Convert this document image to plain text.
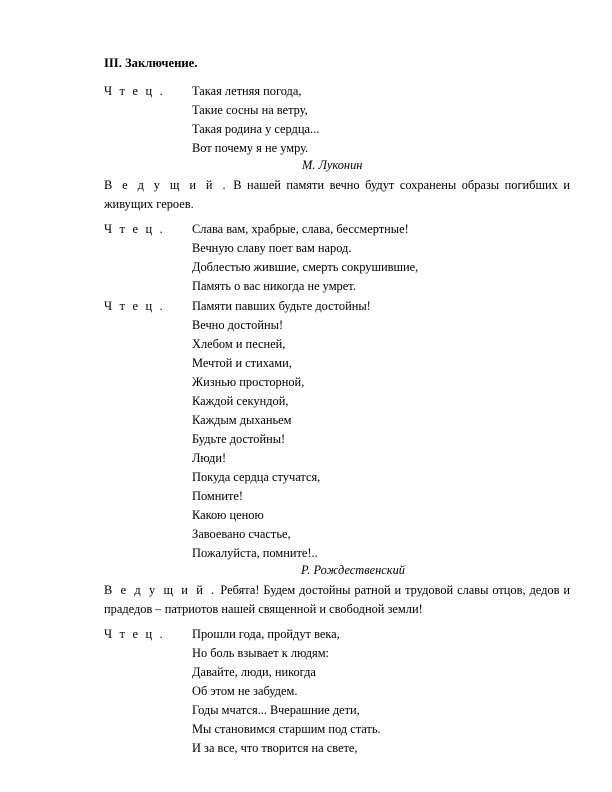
III. Заключение.
Ч т е ц . Такая летняя погода,
Такие сосны на ветру,
Такая родина у сердца...
Вот почему я не умру.
М. Луконин
В е д у щ и й . В нашей памяти вечно будут сохранены образы погибших и живущих героев.
Ч т е ц . Слава вам, храбрые, слава, бессмертные!
Вечную славу поет вам народ.
Доблестью жившие, смерть сокрушившие,
Память о вас никогда не умрет.
Ч т е ц . Памяти павших будьте достойны!
Вечно достойны!
Хлебом и песней,
Мечтой и стихами,
Жизнью просторной,
Каждой секундой,
Каждым дыханьем
Будьте достойны!
Люди!
Покуда сердца стучатся,
Помните!
Какою ценою
Завоевано счастье,
Пожалуйста, помните!..
Р. Рождественский
В е д у щ и й . Ребята! Будем достойны ратной и трудовой славы отцов, дедов и прадедов – патриотов нашей священной и свободной земли!
Ч т е ц . Прошли года, пройдут века,
Но боль взывает к людям:
Давайте, люди, никогда
Об этом не забудем.
Годы мчатся... Вчерашние дети,
Мы становимся старшим под стать.
И за все, что творится на свете,
